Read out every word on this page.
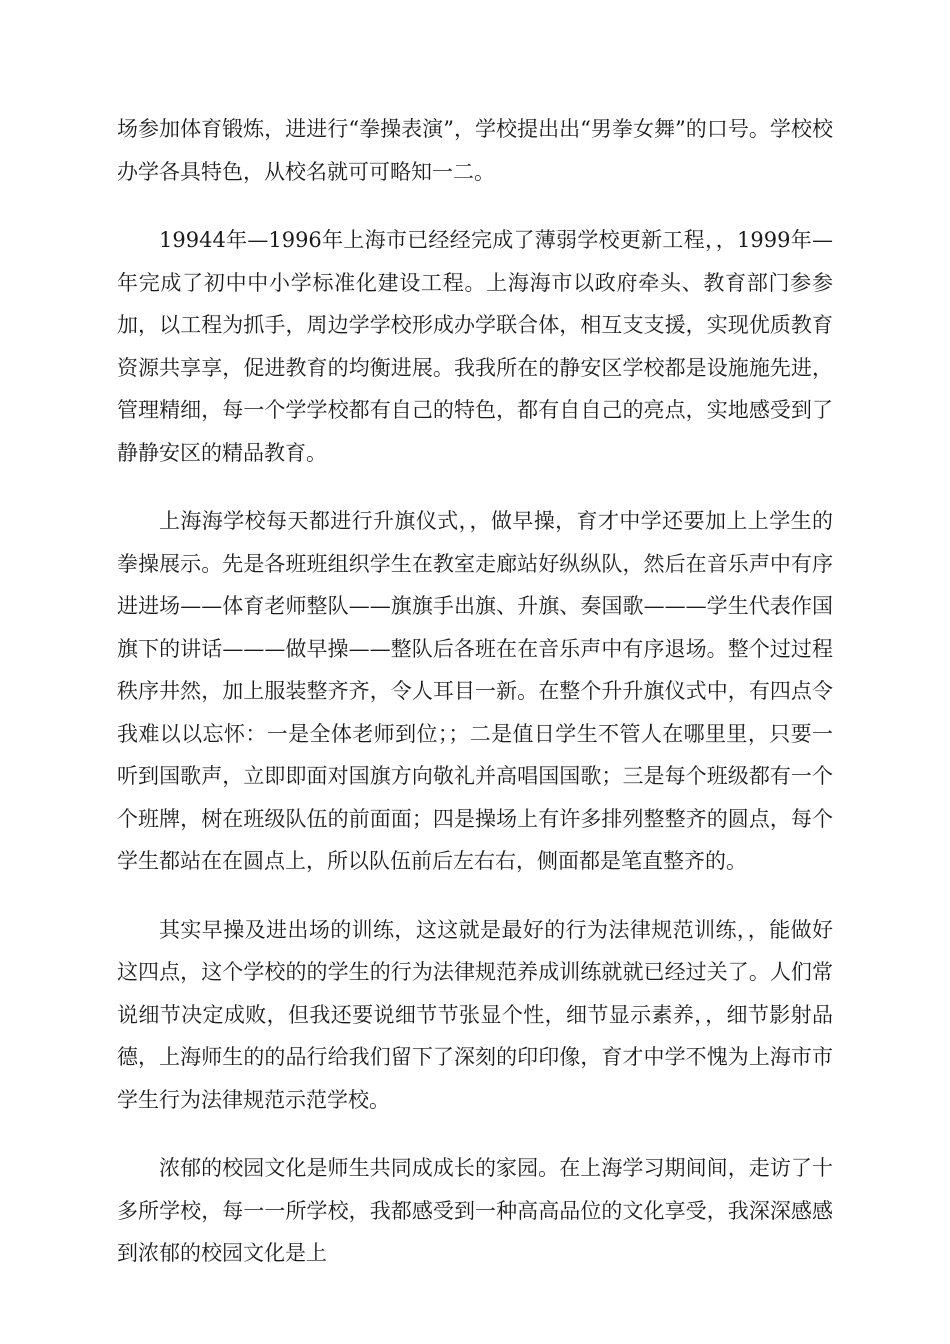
场参加体育锻炼，进进行“拳操表演”，学校提出出“男拳女舞”的口号。学校校办学各具特色，从校名就可可略知一二。

19944年—1996年上海市已经经完成了薄弱学校更新工程，，1999年—年完成了初中中小学标准化建设工程。上海海市以政府牵头、教育部门参参加，以工程为抓手，周边学学校形成办学联合体，相互支支援，实现优质教育资源共享享，促进教育的均衡进展。我我所在的静安区学校都是设施施先进，管理精细，每一个学学校都有自己的特色，都有自自己的亮点，实地感受到了静静安区的精品教育。

上海海学校每天都进行升旗仪式，，做早操，育才中学还要加上上学生的拳操展示。先是各班班组织学生在教室走廊站好纵纵队，然后在音乐声中有序进进场——体育老师整队——旗旗手出旗、升旗、奏国歌———学生代表作国旗下的讲话———做早操——整队后各班在在音乐声中有序退场。整个过过程秩序井然，加上服装整齐齐，令人耳目一新。在整个升升旗仪式中，有四点令我难以以忘怀：一是全体老师到位；；二是值日学生不管人在哪里里，只要一听到国歌声，立即即面对国旗方向敬礼并高唱国国歌；三是每个班级都有一个个班牌，树在班级队伍的前面面；四是操场上有许多排列整整齐的圆点，每个学生都站在在圆点上，所以队伍前后左右右，侧面都是笔直整齐的。

其实早操及进出场的训练，这这就是最好的行为法律规范训练，，能做好这四点，这个学校的的学生的行为法律规范养成训练就就已经过关了。人们常说细节决定成败，但我还要说细节节张显个性，细节显示素养，，细节影射品德，上海师生的的品行给我们留下了深刻的印印像，育才中学不愧为上海市市学生行为法律规范示范学校。

浓郁的校园文化是师生共同成成长的家园。在上海学习期间间，走访了十多所学校，每一一所学校，我都感受到一种高高品位的文化享受，我深深感感到浓郁的校园文化是上
